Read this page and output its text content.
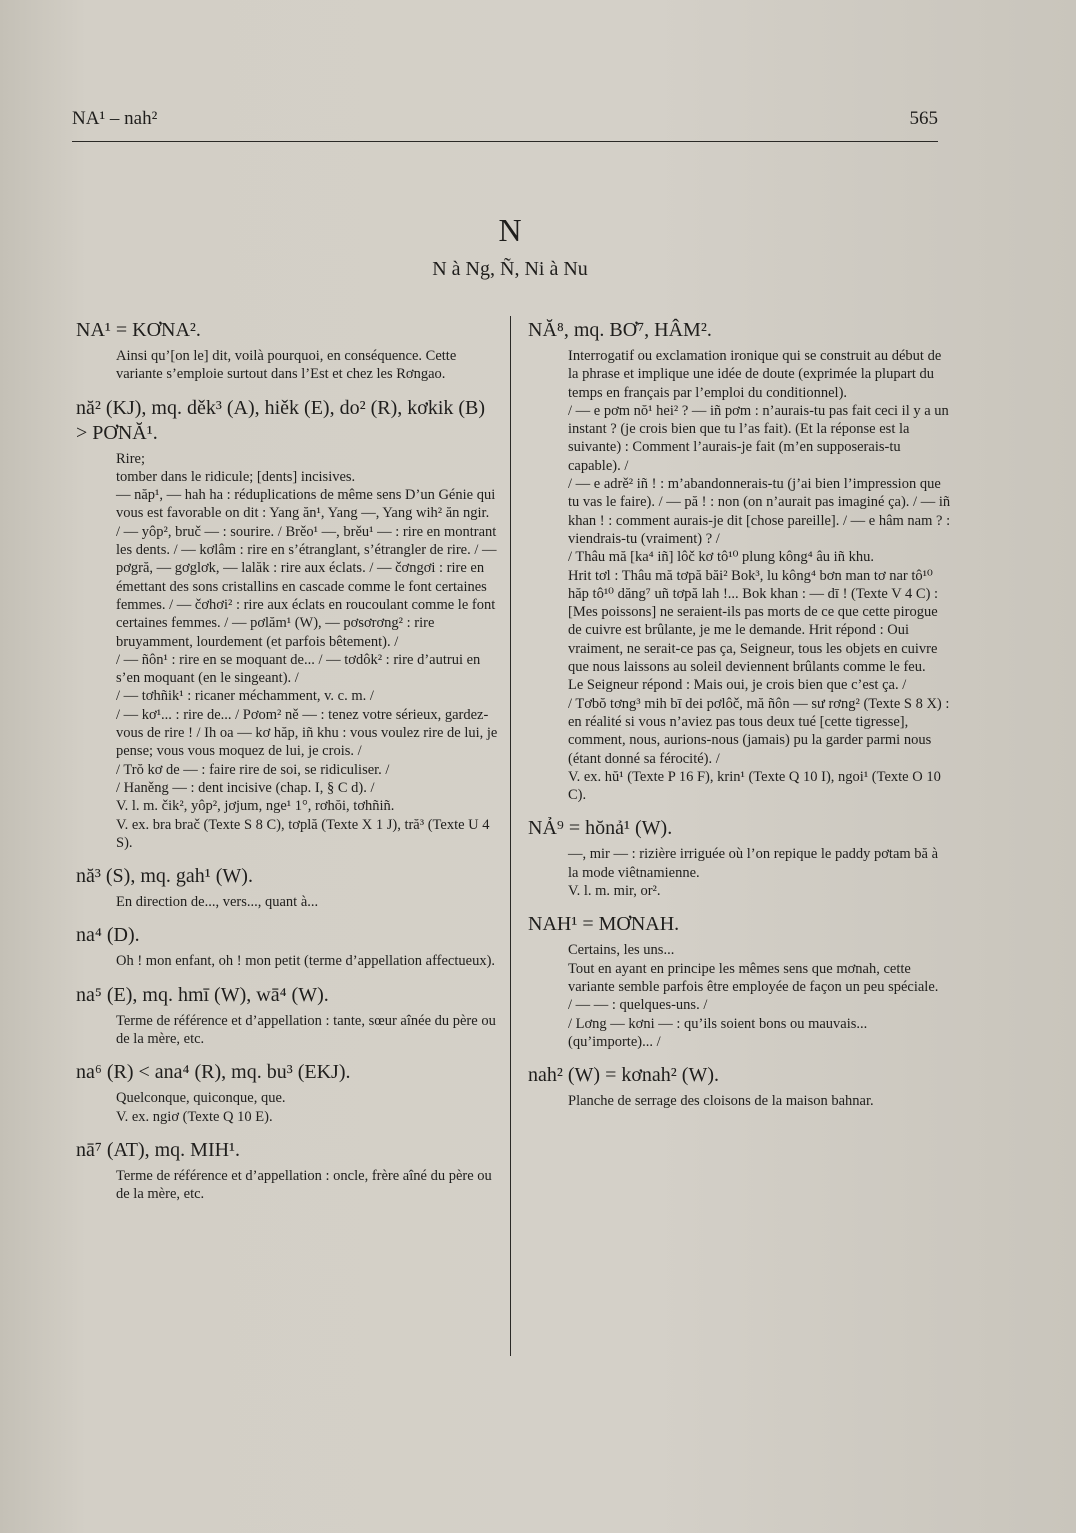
NA¹ – nah²	565
N
N à Ng, Ñ, Ni à Nu
NA¹ = KƠNA².

Ainsi qu’[on le] dit, voilà pourquoi, en conséquence. Cette variante s’emploie surtout dans l’Est et chez les Rơngao.

nă² (KJ), mq. děk³ (A), hiěk (E), do² (R), kơkik (B) > PƠNĂ¹.

Rire;

tomber dans le ridicule; [dents] incisives.

— năp¹, — hah ha : réduplications de même sens D’un Génie qui vous est favorable on dit : Yang ăn¹, Yang —, Yang wih² ăn ngir.

/ — yôp², bruč — : sourire. / Brěo¹ —, brěu¹ — : rire en montrant les dents. / — kơlâm : rire en s’étranglant, s’étrangler de rire. / — pơgră, — gơglơk, — lalăk : rire aux éclats. / — čơngơi : rire en émettant des sons cristallins en cascade comme le font certaines femmes. / — čơhơi² : rire aux éclats en roucoulant comme le font certaines femmes. / — pơlăm¹ (W), — pơsơrơng² : rire bruyamment, lourdement (et parfois bêtement). /

/ — ñôn¹ : rire en se moquant de... / — tơdôk² : rire d’autrui en s’en moquant (en le singeant). /

/ — tơhñik¹ : ricaner méchamment, v. c. m. /

/ — kơ¹... : rire de... / Pơom² ně — : tenez votre sérieux, gardez-vous de rire ! / Ih oa — kơ hăp, iñ khu : vous voulez rire de lui, je pense; vous vous moquez de lui, je crois. /

/ Trŏ kơ de — : faire rire de soi, se ridiculiser. /

/ Haněng — : dent incisive (chap. I, § C d). /

V. l. m. čik², yôp², jơjum, nge¹ 1°, rơhŏi, tơhñiñ.

V. ex. bra brač (Texte S 8 C), tơplă (Texte X 1 J), tră³ (Texte U 4 S).

nă³ (S), mq. gah¹ (W).

En direction de..., vers..., quant à...

na⁴ (D).

Oh ! mon enfant, oh ! mon petit (terme d’appellation affectueux).

na⁵ (E), mq. hmī (W), wā⁴ (W).

Terme de référence et d’appellation : tante, sœur aînée du père ou de la mère, etc.

na⁶ (R) < ana⁴ (R), mq. bu³ (EKJ).

Quelconque, quiconque, que.

V. ex. ngiơ (Texte Q 10 E).

nā⁷ (AT), mq. MIH¹.

Terme de référence et d’appellation : oncle, frère aîné du père ou de la mère, etc.

NĂ⁸, mq. BƠ⁷, HÂM².

Interrogatif ou exclamation ironique qui se construit au début de la phrase et implique une idée de doute (exprimée la plupart du temps en français par l’emploi du conditionnel).

/ — e pơm nŏ¹ hei² ? — iñ pơm : n’aurais-tu pas fait ceci il y a un instant ? (je crois bien que tu l’as fait). (Et la réponse est la suivante) : Comment l’aurais-je fait (m’en supposerais-tu capable). /

/ — e adrě² iñ ! : m’abandonnerais-tu (j’ai bien l’impression que tu vas le faire). / — pă ! : non (on n’aurait pas imaginé ça). / — iñ khan ! : comment aurais-je dit [chose pareille]. / — e hâm nam ? : viendrais-tu (vraiment) ? /

/ Thâu mă [ka⁴ iñ] lôč kơ tô¹⁰ plung kông⁴ âu iñ khu.

Hrit tơl : Thâu mă tơpă băi² Bok³, lu kông⁴ bơn man tơ nar tô¹⁰ hăp tô¹⁰ dăng⁷ uñ tơpă lah !... Bok khan : — dī ! (Texte V 4 C) : [Mes poissons] ne seraient-ils pas morts de ce que cette pirogue de cuivre est brûlante, je me le demande. Hrit répond : Oui vraiment, ne serait-ce pas ça, Seigneur, tous les objets en cuivre que nous laissons au soleil deviennent brûlants comme le feu.

Le Seigneur répond : Mais oui, je crois bien que c’est ça. /

/ Tơbŏ tơng³ mih bī dei pơlôč, mă ñôn — sư rơng² (Texte S 8 X) : en réalité si vous n’aviez pas tous deux tué [cette tigresse], comment, nous, aurions-nous (jamais) pu la garder parmi nous (étant donné sa férocité). /

V. ex. hŭ¹ (Texte P 16 F), krin¹ (Texte Q 10 I), ngoi¹ (Texte O 10 C).

NẢ⁹ = hŏnả¹ (W).

—, mir — : rizière irriguée où l’on repique le paddy pơtam bă à la mode viêtnamienne.

V. l. m. mir, or².

NAH¹ = MƠNAH.

Certains, les uns...

Tout en ayant en principe les mêmes sens que mơnah, cette variante semble parfois être employée de façon un peu spéciale.

/ — — : quelques-uns. /

/ Lơng — kơni — : qu’ils soient bons ou mauvais... (qu’importe)... /

nah² (W) = kơnah² (W).

Planche de serrage des cloisons de la maison bahnar.
